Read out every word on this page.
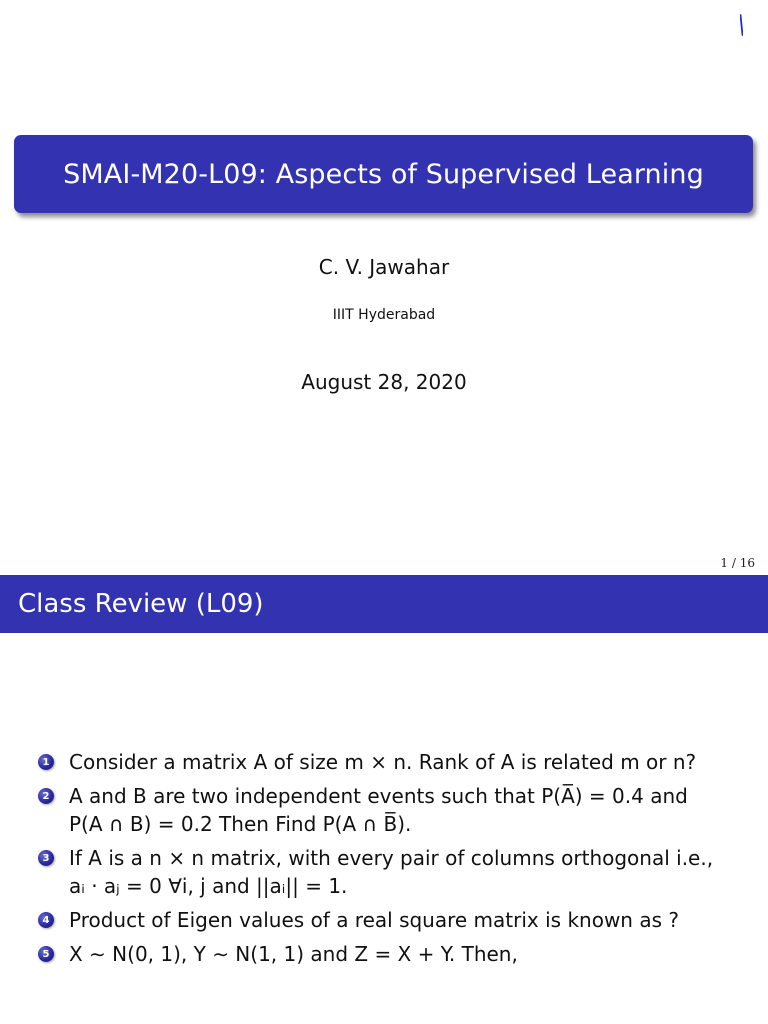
SMAI-M20-L09: Aspects of Supervised Learning
C. V. Jawahar
IIIT Hyderabad
August 28, 2020
1 / 16
Class Review (L09)
1 Consider a matrix A of size m × n. Rank of A is related m or n?
2 A and B are two independent events such that P(A̅) = 0.4 and
P(A ∩ B) = 0.2 Then Find P(A ∩ B̅).
3 If A is a n × n matrix, with every pair of columns orthogonal i.e.,
aᵢ · aⱼ = 0 ∀i, j and ||aᵢ|| = 1.
4 Product of Eigen values of a real square matrix is known as ?
5 X ∼ N(0, 1), Y ∼ N(1, 1) and Z = X + Y. Then,
